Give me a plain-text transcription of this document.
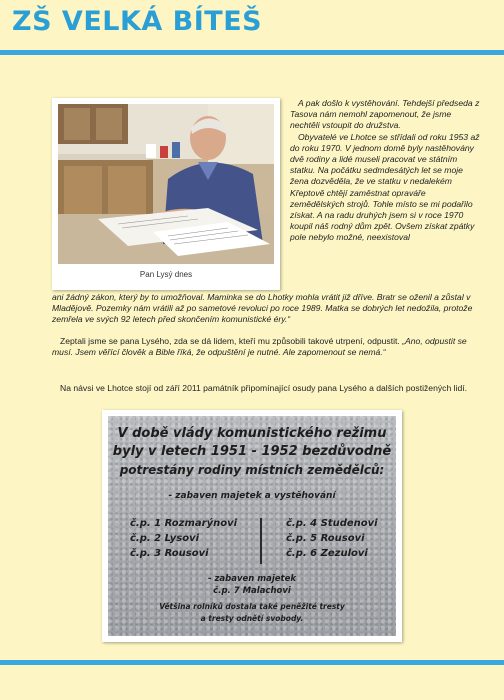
ZŠ VELKÁ BÍTEŠ
Pan Lysý dnes

A pak došlo k vystěhování. Tehdejší předseda z Tasova nám nemohl zapomenout, že jsme nechtěli vstoupit do družstva.

Obyvatelé ve Lhotce se střídali od roku 1953 až do roku 1970. V jednom domě byly nastěhovány dvě rodiny a lidé museli pracovat ve státním statku. Na počátku sedmdesátých let se moje žena dozvěděla, že ve statku v nedalekém Křeptově chtějí zaměstnat opraváře zemědělských strojů. Tohle místo se mi podařilo získat. A na radu druhých jsem si v roce 1970 koupil náš rodný dům zpět. Ovšem získat zpátky pole nebylo možné, neexistoval

ani žádný zákon, který by to umožňoval. Maminka se do Lhotky mohla vrátit již dříve. Bratr se oženil a zůstal v Mladějově. Pozemky nám vrátili až po sametové revoluci po roce 1989. Matka se dobrých let nedožila, protože zemřela ve svých 92 letech před skončením komunistické éry.“

Zeptali jsme se pana Lysého, zda se dá lidem, kteří mu způsobili takové utrpení, odpustit. „Ano, odpustit se musí. Jsem věřící člověk a Bible říká, že odpuštění je nutné. Ale zapomenout se nemá.“

Na návsi ve Lhotce stojí od září 2011 památník připomínající osudy pana Lysého a dalších postižených lidí.

V době vlády komunistického režimu
byly v letech 1951 - 1952 bezdůvodně
potrestány rodiny místních zemědělců:
- zabaven majetek a vystěhování
č.p. 1 Rozmarýnovi
č.p. 2 Lysovi
č.p. 3 Rousovi
č.p. 4 Studenovi
č.p. 5 Rousovi
č.p. 6 Zezulovi
- zabaven majetek
č.p. 7 Malachovi
Většina rolníků dostala také peněžité tresty
a tresty odnětí svobody.
